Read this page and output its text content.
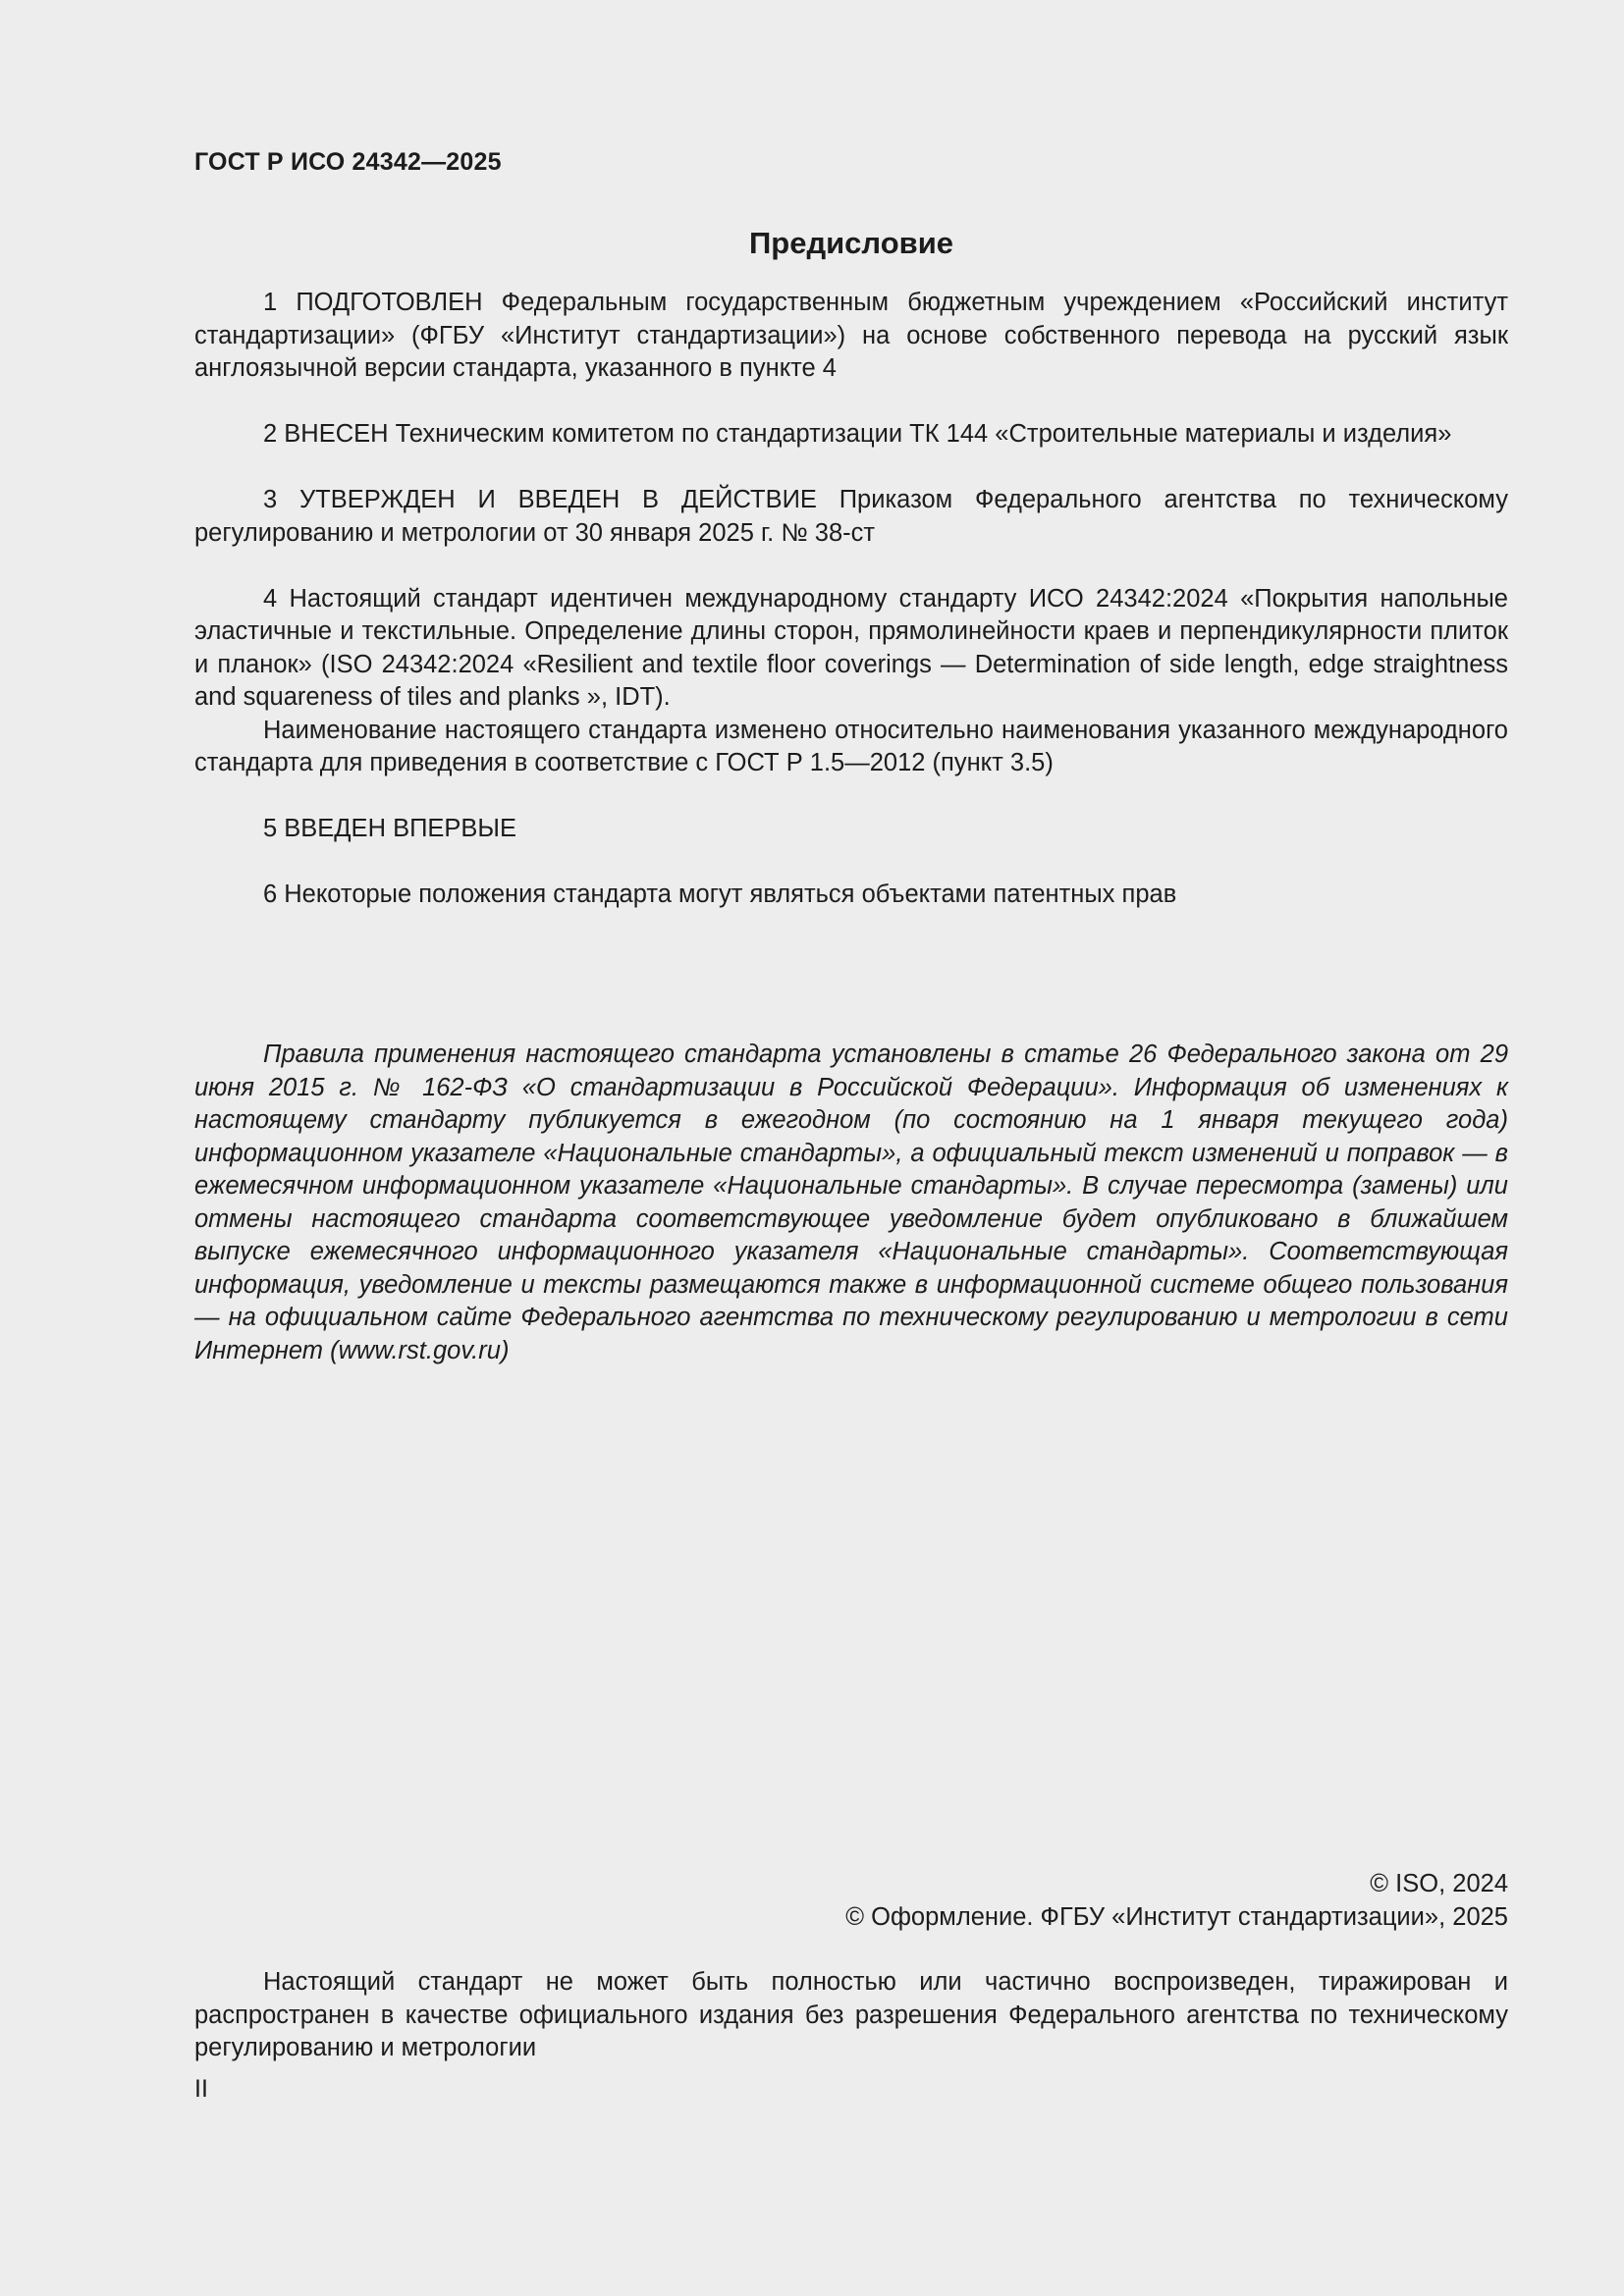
ГОСТ Р ИСО 24342—2025
Предисловие

1 ПОДГОТОВЛЕН Федеральным государственным бюджетным учреждением «Российский институт стандартизации» (ФГБУ «Институт стандартизации») на основе собственного перевода на русский язык англоязычной версии стандарта, указанного в пункте 4

2 ВНЕСЕН Техническим комитетом по стандартизации ТК 144 «Строительные материалы и изделия»

3 УТВЕРЖДЕН И ВВЕДЕН В ДЕЙСТВИЕ Приказом Федерального агентства по техническому регулированию и метрологии от 30 января 2025 г. № 38-ст

4 Настоящий стандарт идентичен международному стандарту ИСО 24342:2024 «Покрытия напольные эластичные и текстильные. Определение длины сторон, прямолинейности краев и перпендикулярности плиток и планок» (ISO 24342:2024 «Resilient and textile floor coverings — Determination of side length, edge straightness and squareness of tiles and planks », IDT).

Наименование настоящего стандарта изменено относительно наименования указанного международного стандарта для приведения в соответствие с ГОСТ Р 1.5—2012 (пункт 3.5)

5 ВВЕДЕН ВПЕРВЫЕ

6 Некоторые положения стандарта могут являться объектами патентных прав

Правила применения настоящего стандарта установлены в статье 26 Федерального закона от 29 июня 2015 г. № 162-ФЗ «О стандартизации в Российской Федерации». Информация об изменениях к настоящему стандарту публикуется в ежегодном (по состоянию на 1 января текущего года) информационном указателе «Национальные стандарты», а официальный текст изменений и поправок — в ежемесячном информационном указателе «Национальные стандарты». В случае пересмотра (замены) или отмены настоящего стандарта соответствующее уведомление будет опубликовано в ближайшем выпуске ежемесячного информационного указателя «Национальные стандарты». Соответствующая информация, уведомление и тексты размещаются также в информационной системе общего пользования — на официальном сайте Федерального агентства по техническому регулированию и метрологии в сети Интернет (www.rst.gov.ru)

© ISO, 2024
© Оформление. ФГБУ «Институт стандартизации», 2025

Настоящий стандарт не может быть полностью или частично воспроизведен, тиражирован и распространен в качестве официального издания без разрешения Федерального агентства по техническому регулированию и метрологии

II
